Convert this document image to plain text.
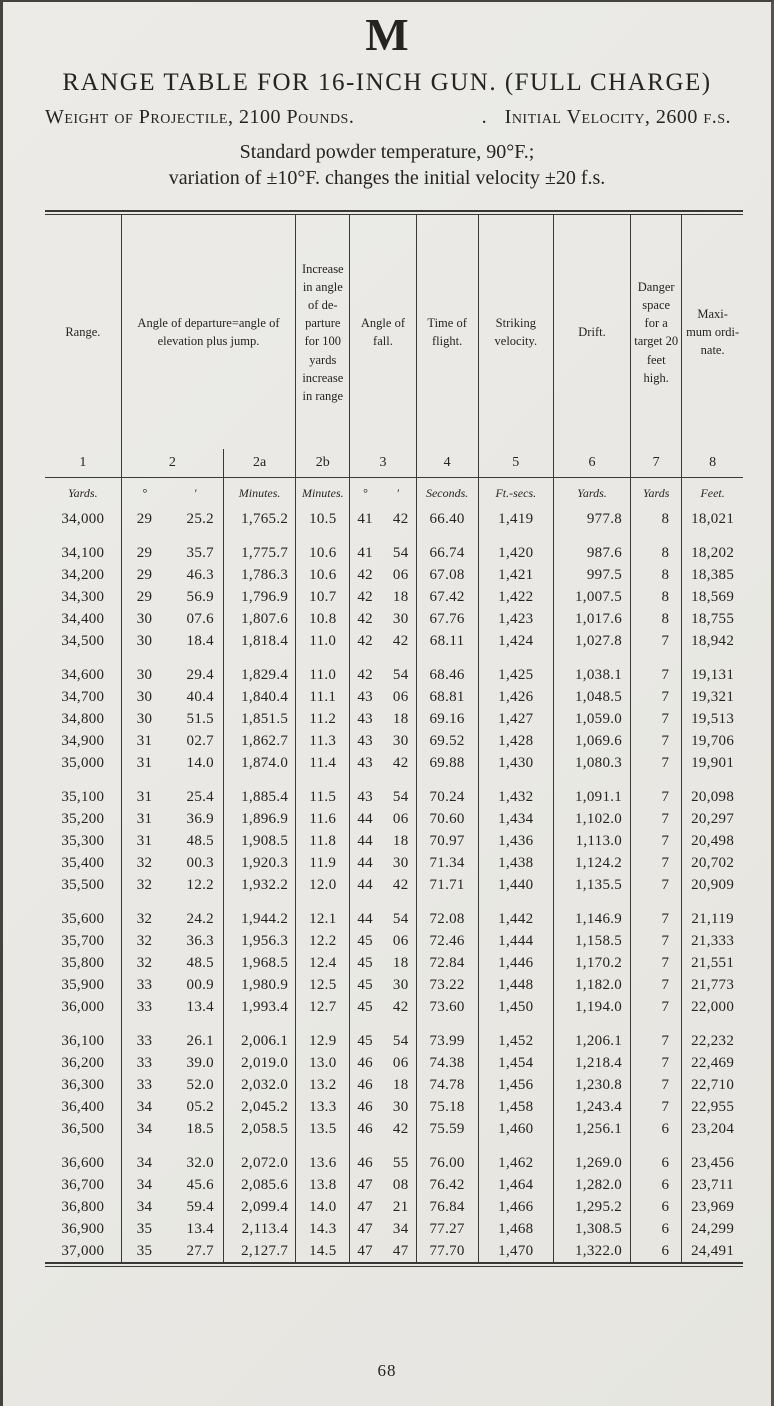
M
RANGE TABLE FOR 16-INCH GUN. (FULL CHARGE)
Weight of Projectile, 2100 Pounds.	. Initial Velocity, 2600 f.s.
Standard powder temperature, 90°F.;
variation of ±10°F. changes the initial velocity ±20 f.s.
Range.	Angle of departure=angle of elevation plus jump.			Increase in angle of de-parture for 100 yards increase in range	Angle of fall.		Time of flight.	Striking velocity.	Drift.	Danger space for a target 20 feet high.	Maxi-mum ordi-nate.
1	2		2a	2b	3		4	5	6	7	8
Yards.	°	′	Minutes.	Minutes.	°	′	Seconds.	Ft.-secs.	Yards.	Yards	Feet.
34,000	29	25.2	1,765.2	10.5	41	42	66.40	1,419	977.8	8	18,021

34,100	29	35.7	1,775.7	10.6	41	54	66.74	1,420	987.6	8	18,202
34,200	29	46.3	1,786.3	10.6	42	06	67.08	1,421	997.5	8	18,385
34,300	29	56.9	1,796.9	10.7	42	18	67.42	1,422	1,007.5	8	18,569
34,400	30	07.6	1,807.6	10.8	42	30	67.76	1,423	1,017.6	8	18,755
34,500	30	18.4	1,818.4	11.0	42	42	68.11	1,424	1,027.8	7	18,942

34,600	30	29.4	1,829.4	11.0	42	54	68.46	1,425	1,038.1	7	19,131
34,700	30	40.4	1,840.4	11.1	43	06	68.81	1,426	1,048.5	7	19,321
34,800	30	51.5	1,851.5	11.2	43	18	69.16	1,427	1,059.0	7	19,513
34,900	31	02.7	1,862.7	11.3	43	30	69.52	1,428	1,069.6	7	19,706
35,000	31	14.0	1,874.0	11.4	43	42	69.88	1,430	1,080.3	7	19,901

35,100	31	25.4	1,885.4	11.5	43	54	70.24	1,432	1,091.1	7	20,098
35,200	31	36.9	1,896.9	11.6	44	06	70.60	1,434	1,102.0	7	20,297
35,300	31	48.5	1,908.5	11.8	44	18	70.97	1,436	1,113.0	7	20,498
35,400	32	00.3	1,920.3	11.9	44	30	71.34	1,438	1,124.2	7	20,702
35,500	32	12.2	1,932.2	12.0	44	42	71.71	1,440	1,135.5	7	20,909

35,600	32	24.2	1,944.2	12.1	44	54	72.08	1,442	1,146.9	7	21,119
35,700	32	36.3	1,956.3	12.2	45	06	72.46	1,444	1,158.5	7	21,333
35,800	32	48.5	1,968.5	12.4	45	18	72.84	1,446	1,170.2	7	21,551
35,900	33	00.9	1,980.9	12.5	45	30	73.22	1,448	1,182.0	7	21,773
36,000	33	13.4	1,993.4	12.7	45	42	73.60	1,450	1,194.0	7	22,000

36,100	33	26.1	2,006.1	12.9	45	54	73.99	1,452	1,206.1	7	22,232
36,200	33	39.0	2,019.0	13.0	46	06	74.38	1,454	1,218.4	7	22,469
36,300	33	52.0	2,032.0	13.2	46	18	74.78	1,456	1,230.8	7	22,710
36,400	34	05.2	2,045.2	13.3	46	30	75.18	1,458	1,243.4	7	22,955
36,500	34	18.5	2,058.5	13.5	46	42	75.59	1,460	1,256.1	6	23,204

36,600	34	32.0	2,072.0	13.6	46	55	76.00	1,462	1,269.0	6	23,456
36,700	34	45.6	2,085.6	13.8	47	08	76.42	1,464	1,282.0	6	23,711
36,800	34	59.4	2,099.4	14.0	47	21	76.84	1,466	1,295.2	6	23,969
36,900	35	13.4	2,113.4	14.3	47	34	77.27	1,468	1,308.5	6	24,299
37,000	35	27.7	2,127.7	14.5	47	47	77.70	1,470	1,322.0	6	24,491
68
